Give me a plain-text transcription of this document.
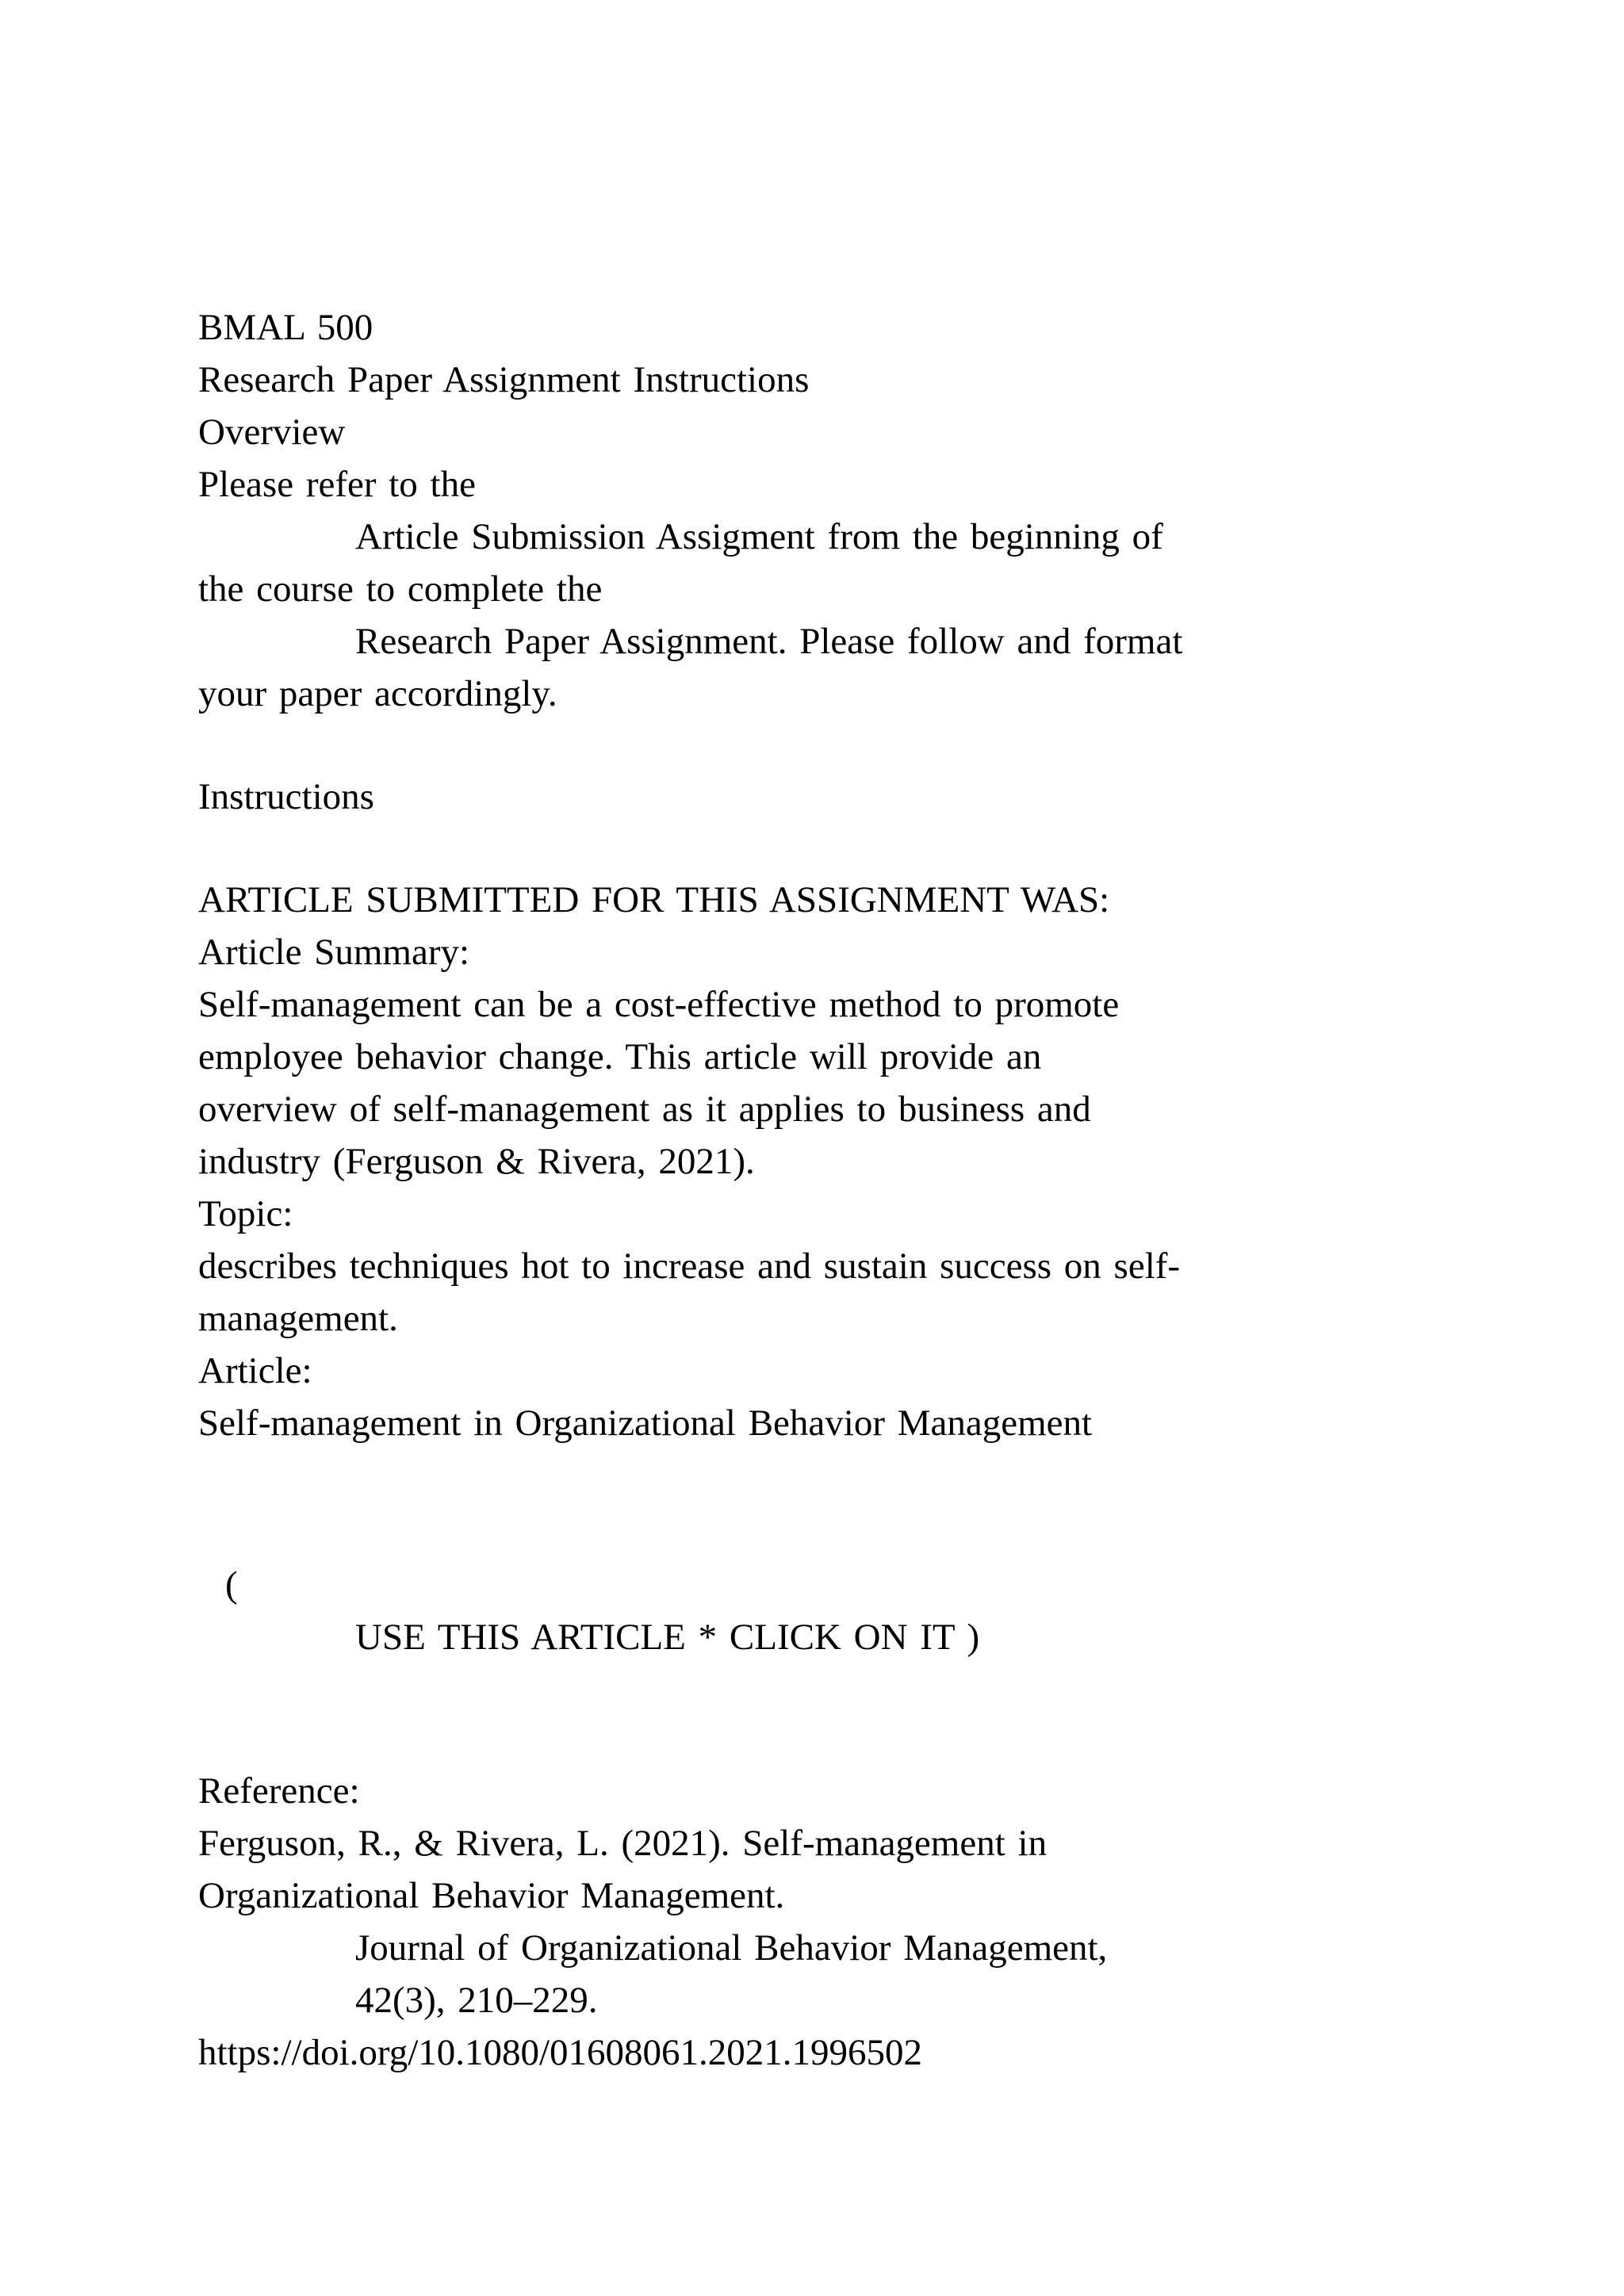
BMAL 500

Research Paper Assignment Instructions

Overview

Please refer to the

Article Submission Assigment from the beginning of

the course to complete the

Research Paper Assignment. Please follow and format

your paper accordingly.

Instructions

ARTICLE SUBMITTED FOR THIS ASSIGNMENT WAS:

Article Summary:

Self-management can be a cost-effective method to promote

employee behavior change. This article will provide an

overview of self-management as it applies to business and

industry (Ferguson & Rivera, 2021).

Topic:

describes techniques hot to increase and sustain success on self-

management.

Article:

Self-management in Organizational Behavior Management

(

USE THIS ARTICLE * CLICK ON IT )

Reference:

Ferguson, R., & Rivera, L. (2021). Self-management in

Organizational Behavior Management.

Journal of Organizational Behavior Management,

42(3), 210–229.

https://doi.org/10.1080/01608061.2021.1996502
